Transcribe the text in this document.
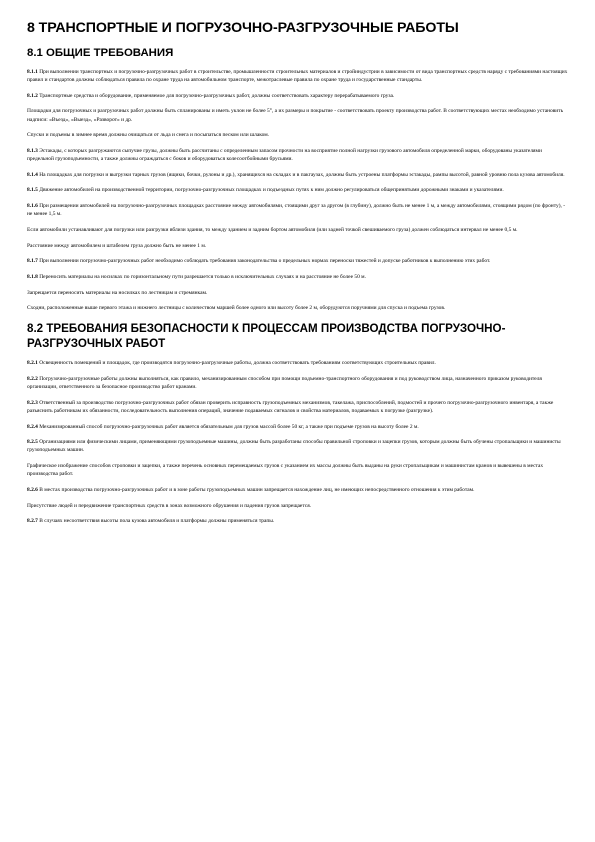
8 ТРАНСПОРТНЫЕ И ПОГРУЗОЧНО-РАЗГРУЗОЧНЫЕ РАБОТЫ
8.1 ОБЩИЕ ТРЕБОВАНИЯ

8.1.1 При выполнении транспортных и погрузочно-разгрузочных работ в строительстве, промышленности строительных материалов и стройиндустрии в зависимости от вида транспортных средств наряду с требованиями настоящих правил и стандартов должны соблюдаться правила по охране труда на автомобильном транспорте, межотраслевые правила по охране труда и государственные стандарты.

8.1.2 Транспортные средства и оборудование, применяемое для погрузочно-разгрузочных работ, должны соответствовать характеру перерабатываемого груза.

Площадки для погрузочных и разгрузочных работ должны быть спланированы и иметь уклон не более 5°, а их размеры и покрытие - соответствовать проекту производства работ. В соответствующих местах необходимо установить надписи: «Въезд», «Выезд», «Разворот» и др.

Спуски и подъемы в зимнее время должны очищаться от льда и снега и посыпаться песком или шлаком.

8.1.3 Эстакады, с которых разгружаются сыпучие грузы, должны быть рассчитаны с определенным запасом прочности на восприятие полной нагрузки грузового автомобиля определенной марки, оборудованы указателями предельной грузоподъемности, а также должны ограждаться с боков и оборудоваться колесоотбойными брусьями.

8.1.4 На площадках для погрузки и выгрузки тарных грузов (ящики, бочки, рулоны и др.), хранящихся на складах и в пакгаузах, должны быть устроены платформы эстакады, рампы высотой, равной уровню пола кузова автомобиля.

8.1.5 Движение автомобилей на производственной территории, погрузочно-разгрузочных площадках и подъездных путях к ним должно регулироваться общепринятыми дорожными знаками и указателями.

8.1.6 При размещении автомобилей на погрузочно-разгрузочных площадках расстояние между автомобилями, стоящими друг за другом (в глубину), должно быть не менее 1 м, а между автомобилями, стоящими рядом (по фронту), - не менее 1,5 м.

Если автомобили устанавливают для погрузки или разгрузки вблизи здания, то между зданием и задним бортом автомобиля (или задней точкой свешиваемого груза) должен соблюдаться интервал не менее 0,5 м.

Расстояние между автомобилем и штабелем груза должно быть не менее 1 м.

8.1.7 При выполнении погрузочно-разгрузочных работ необходимо соблюдать требования законодательства о предельных нормах переноски тяжестей и допуске работников к выполнению этих работ.

8.1.8 Переносить материалы на носилках по горизонтальному пути разрешается только в исключительных случаях и на расстояние не более 50 м.

Запрещается переносить материалы на носилках по лестницам и стремянкам.

Сходни, расположенные выше первого этажа и нижнего лестницы с количеством маршей более одного или высоту более 2 м, оборудуются поручнями для спуска и подъема грузов.

8.2 ТРЕБОВАНИЯ БЕЗОПАСНОСТИ К ПРОЦЕССАМ ПРОИЗВОДСТВА ПОГРУЗОЧНО-РАЗГРУЗОЧНЫХ РАБОТ

8.2.1 Освещенность помещений и площадок, где производятся погрузочно-разгрузочные работы, должна соответствовать требованиям соответствующих строительных правил.

8.2.2 Погрузочно-разгрузочные работы должны выполняться, как правило, механизированным способом при помощи подъемно-транспортного оборудования и под руководством лица, назначенного приказом руководителя организации, ответственного за безопасное производство работ кранами.

8.2.3 Ответственный за производство погрузочно-разгрузочных работ обязан проверить исправность грузоподъемных механизмов, такелажа, приспособлений, подмостей и прочего погрузочно-разгрузочного инвентаря, а также разъяснить работникам их обязанности, последовательность выполнения операций, значение подаваемых сигналов и свойства материалов, подаваемых к погрузке (разгрузке).

8.2.4 Механизированный способ погрузочно-разгрузочных работ является обязательным для грузов массой более 50 кг, а также при подъеме грузов на высоту более 2 м.

8.2.5 Организациями или физическими лицами, применяющими грузоподъемные машины, должны быть разработаны способы правильной строповки и зацепки грузов, которым должны быть обучены стропальщики и машинисты грузоподъемных машин.

Графическое изображение способов строповки и зацепки, а также перечень основных перемещаемых грузов с указанием их массы должны быть выданы на руки стропальщикам и машинистам кранов и вывешены в местах производства работ.

8.2.6 В местах производства погрузочно-разгрузочных работ и в зоне работы грузоподъемных машин запрещается нахождение лиц, не имеющих непосредственного отношения к этим работам.

Присутствие людей и передвижение транспортных средств в зонах возможного обрушения и падения грузов запрещается.

8.2.7 В случаях несоответствия высоты пола кузова автомобиля и платформы должны применяться трапы.
